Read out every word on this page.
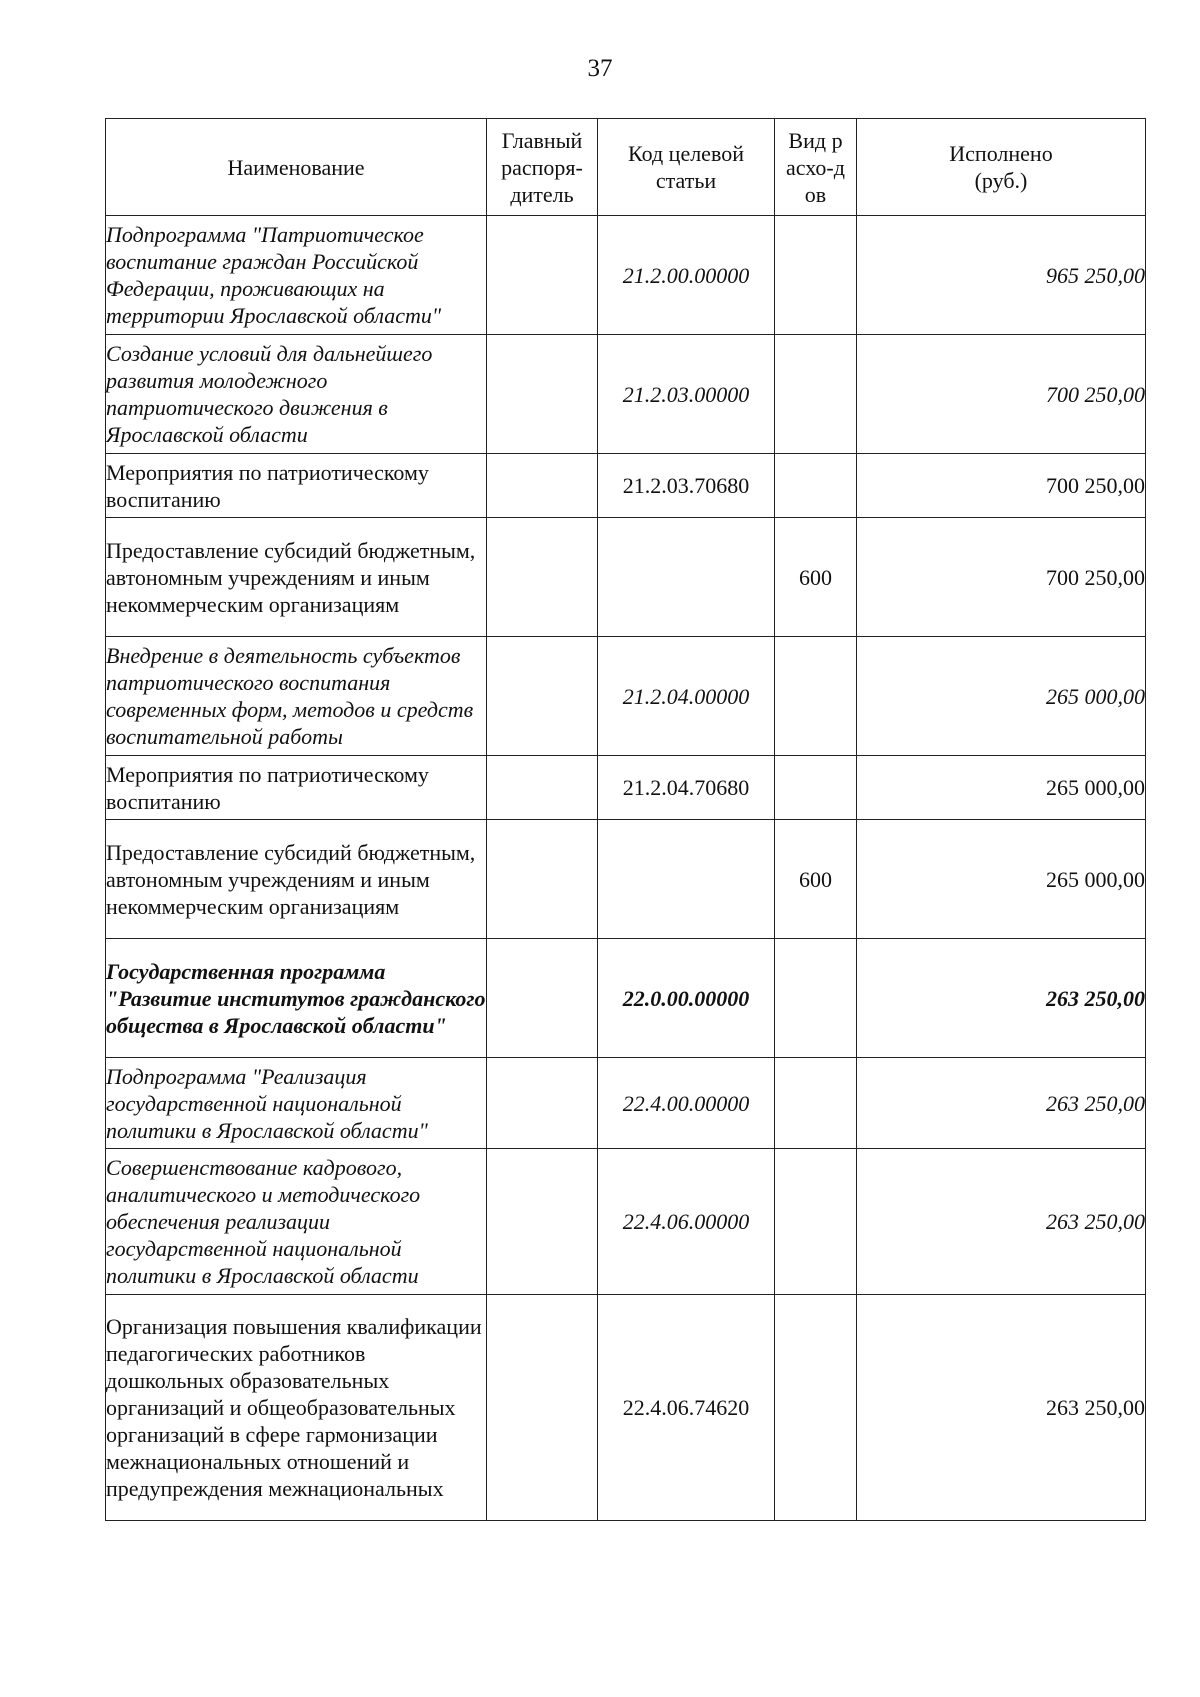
37
Наименование	Главный распоря-дитель	Код целевой статьи	Вид расхо-дов	Исполнено (руб.)
Подпрограмма "Патриотическое воспитание граждан Российской Федерации, проживающих на территории Ярославской области"		21.2.00.00000		965 250,00
Создание условий для дальнейшего развития молодежного патриотического движения в Ярославской области		21.2.03.00000		700 250,00
Мероприятия по патриотическому воспитанию		21.2.03.70680		700 250,00
Предоставление субсидий бюджетным, автономным учреждениям и иным некоммерческим организациям			600	700 250,00
Внедрение в деятельность субъектов патриотического воспитания современных форм, методов и средств воспитательной работы		21.2.04.00000		265 000,00
Мероприятия по патриотическому воспитанию		21.2.04.70680		265 000,00
Предоставление субсидий бюджетным, автономным учреждениям и иным некоммерческим организациям			600	265 000,00
Государственная программа "Развитие институтов гражданского общества в Ярославской области"		22.0.00.00000		263 250,00
Подпрограмма "Реализация государственной национальной политики в Ярославской области"		22.4.00.00000		263 250,00
Совершенствование кадрового, аналитического и методического обеспечения реализации государственной национальной политики в Ярославской области		22.4.06.00000		263 250,00
Организация повышения квалификации педагогических работников дошкольных образовательных организаций и общеобразовательных организаций в сфере гармонизации межнациональных отношений и предупреждения межнациональных		22.4.06.74620		263 250,00
